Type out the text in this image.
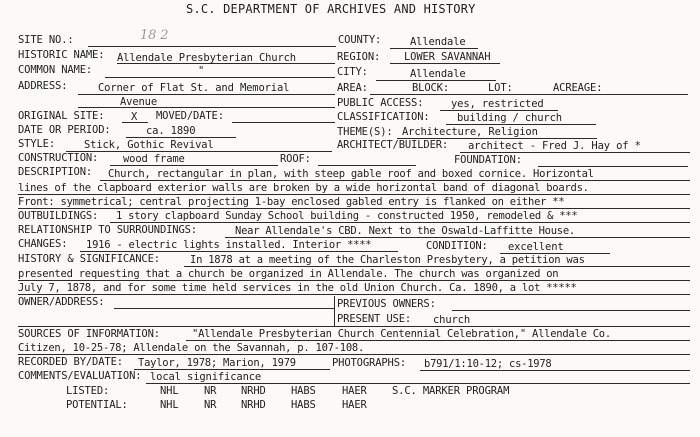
S.C. DEPARTMENT OF ARCHIVES AND HISTORY
SITE NO.:	18 2	COUNTY:	Allendale
HISTORIC NAME: Allendale Presbyterian Church	REGION: LOWER SAVANNAH
COMMON NAME:	"	CITY:	Allendale
ADDRESS:	Corner of Flat St. and Memorial
Avenue
AREA:	BLOCK:	LOT:	ACREAGE:
PUBLIC ACCESS:	yes, restricted
ORIGINAL SITE:	X MOVED/DATE:	CLASSIFICATION:	building / church
DATE OR PERIOD:	ca. 1890	THEME(S): Architecture, Religion
STYLE:	Stick, Gothic Revival	ARCHITECT/BUILDER: architect - Fred J. Hay of *
CONSTRUCTION: wood frame	ROOF:	FOUNDATION:
DESCRIPTION: Church, rectangular in plan, with steep gable roof and boxed cornice. Horizontal
lines of the clapboard exterior walls are broken by a wide horizontal band of diagonal boards.
Front: symmetrical; central projecting 1-bay enclosed gabled entry is flanked on either **
OUTBUILDINGS: 1 story clapboard Sunday School building - constructed 1950, remodeled & ***
RELATIONSHIP TO SURROUNDINGS:	Near Allendale's CBD. Next to the Oswald-Laffitte House.
CHANGES: 1916 - electric lights installed. Interior ****	CONDITION: excellent
HISTORY & SIGNIFICANCE:	In 1878 at a meeting of the Charleston Presbytery, a petition was
presented requesting that a church be organized in Allendale. The church was organized on
July 7, 1878, and for some time held services in the old Union Church. Ca. 1890, a lot *****
OWNER/ADDRESS:	PREVIOUS OWNERS:
PRESENT USE: church
SOURCES OF INFORMATION:	"Allendale Presbyterian Church Centennial Celebration," Allendale Co.
Citizen, 10-25-78; Allendale on the Savannah, p. 107-108.
RECORDED BY/DATE: Taylor, 1978; Marion, 1979	PHOTOGRAPHS: b791/1:10-12; cs-1978
COMMENTS/EVALUATION: local significance
LISTED:	NHL NR NRHD HABS	HAER S.C. MARKER PROGRAM
POTENTIAL:	NHL NR NRHD HABS	HAER
